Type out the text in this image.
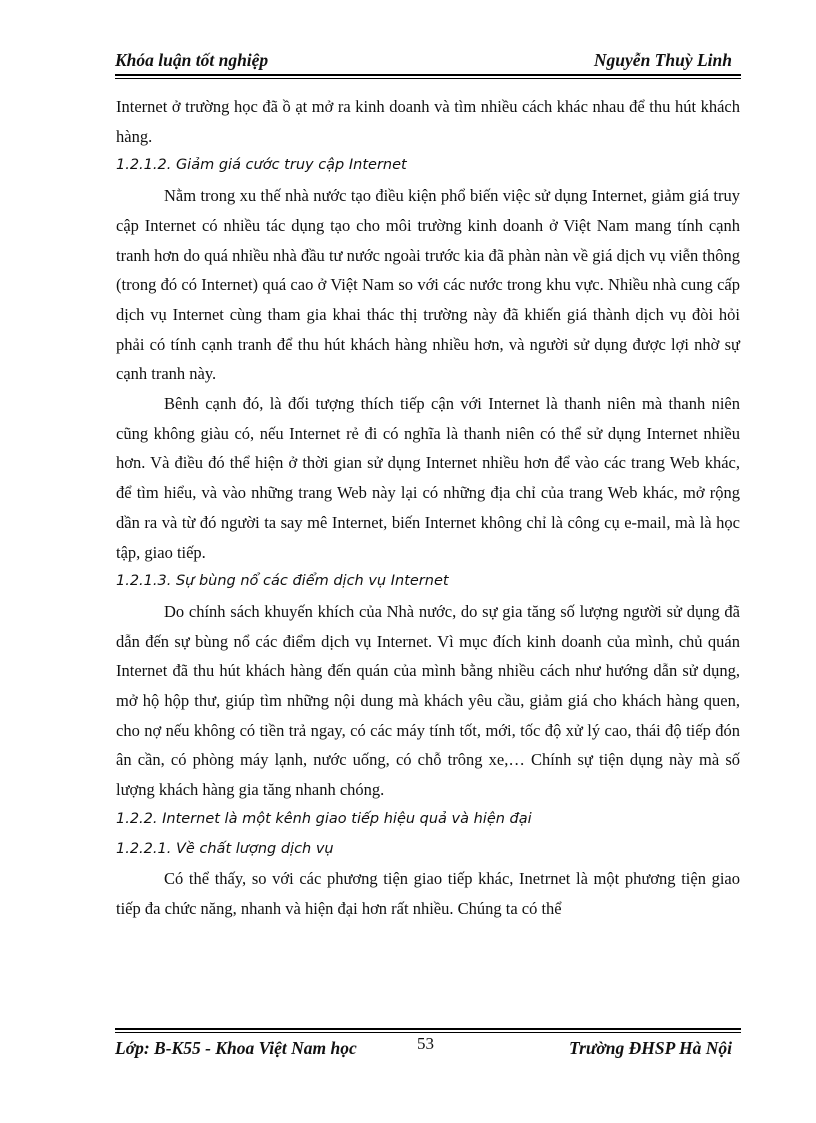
Khóa luận tốt nghiệp	Nguyễn Thuỳ Linh

Internet ở trường học đã ồ ạt mở ra kinh doanh và tìm nhiều cách khác nhau để thu hút khách hàng.

1.2.1.2. Giảm giá cước truy cập Internet

Nằm trong xu thế nhà nước tạo điều kiện phổ biến việc sử dụng Internet, giảm giá truy cập Internet có nhiều tác dụng tạo cho môi trường kinh doanh ở Việt Nam mang tính cạnh tranh hơn do quá nhiều nhà đầu tư nước ngoài trước kia đã phàn nàn về giá dịch vụ viễn thông (trong đó có Internet) quá cao ở Việt Nam so với các nước trong khu vực. Nhiều nhà cung cấp dịch vụ Internet cùng tham gia khai thác thị trường này đã khiến giá thành dịch vụ đòi hỏi phải có tính cạnh tranh để thu hút khách hàng nhiều hơn, và người sử dụng được lợi nhờ sự cạnh tranh này.

Bênh cạnh đó, là đối tượng thích tiếp cận với Internet là thanh niên mà thanh niên cũng không giàu có, nếu Internet rẻ đi có nghĩa là thanh niên có thể sử dụng Internet nhiều hơn. Và điều đó thể hiện ở thời gian sử dụng Internet nhiều hơn để vào các trang Web khác, để tìm hiểu, và vào những trang Web này lại có những địa chỉ của trang Web khác, mở rộng dần ra và từ đó người ta say mê Internet, biến Internet không chỉ là công cụ e-mail, mà là học tập, giao tiếp.

1.2.1.3. Sự bùng nổ các điểm dịch vụ Internet

Do chính sách khuyến khích của Nhà nước, do sự gia tăng số lượng người sử dụng đã dẫn đến sự bùng nổ các điểm dịch vụ Internet. Vì mục đích kinh doanh của mình, chủ quán Internet đã thu hút khách hàng đến quán của mình bằng nhiều cách như hướng dẫn sử dụng, mở hộ hộp thư, giúp tìm những nội dung mà khách yêu cầu, giảm giá cho khách hàng quen, cho nợ nếu không có tiền trả ngay, có các máy tính tốt, mới, tốc độ xử lý cao, thái độ tiếp đón ân cần, có phòng máy lạnh, nước uống, có chỗ trông xe,… Chính sự tiện dụng này mà số lượng khách hàng gia tăng nhanh chóng.

1.2.2. Internet là một kênh giao tiếp hiệu quả và hiện đại

1.2.2.1. Về chất lượng dịch vụ

Có thể thấy, so với các phương tiện giao tiếp khác, Inetrnet là một phương tiện giao tiếp đa chức năng, nhanh và hiện đại hơn rất nhiều. Chúng ta có thể

Lớp: B-K55 - Khoa Việt Nam học	53	Trường ĐHSP Hà Nội
